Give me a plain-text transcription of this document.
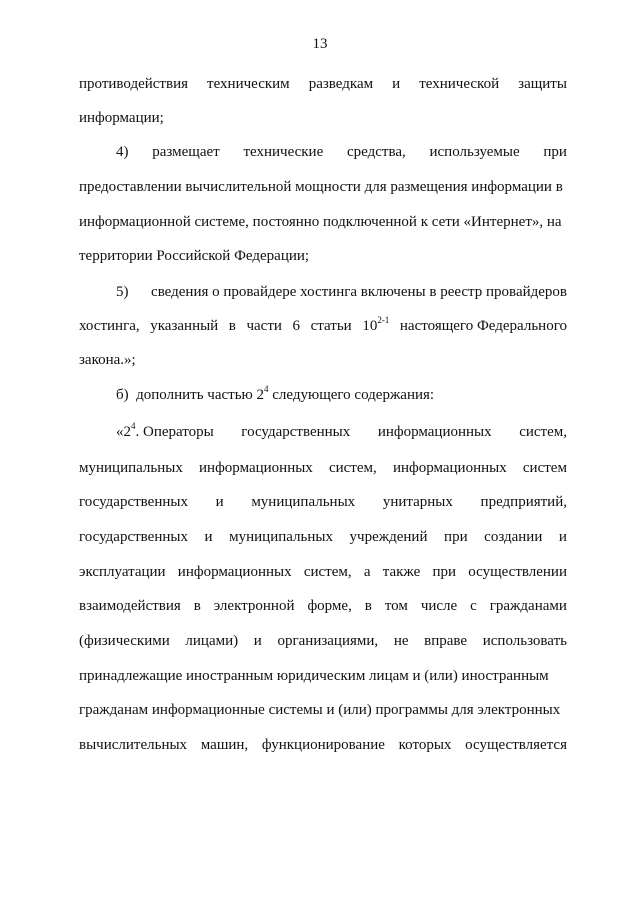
13
противодействия техническим разведкам и технической защиты
информации;
4) размещает технические средства, используемые при
предоставлении вычислительной мощности для размещения информации в
информационной системе, постоянно подключенной к сети «Интернет», на
территории Российской Федерации;
5) сведения о провайдере хостинга включены в реестр провайдеров
хостинга, указанный в части 6 статьи 10$^{2-1}$ настоящего Федерального
закона.»;
б) дополнить частью $2^4$ следующего содержания:
«$2^4$. Операторы государственных информационных систем,
муниципальных информационных систем, информационных систем
государственных и муниципальных унитарных предприятий,
государственных и муниципальных учреждений при создании и
эксплуатации информационных систем, а также при осуществлении
взаимодействия в электронной форме, в том числе с гражданами
(физическими лицами) и организациями, не вправе использовать
принадлежащие иностранным юридическим лицам и (или) иностранным
гражданам информационные системы и (или) программы для электронных
вычислительных машин, функционирование которых осуществляется
